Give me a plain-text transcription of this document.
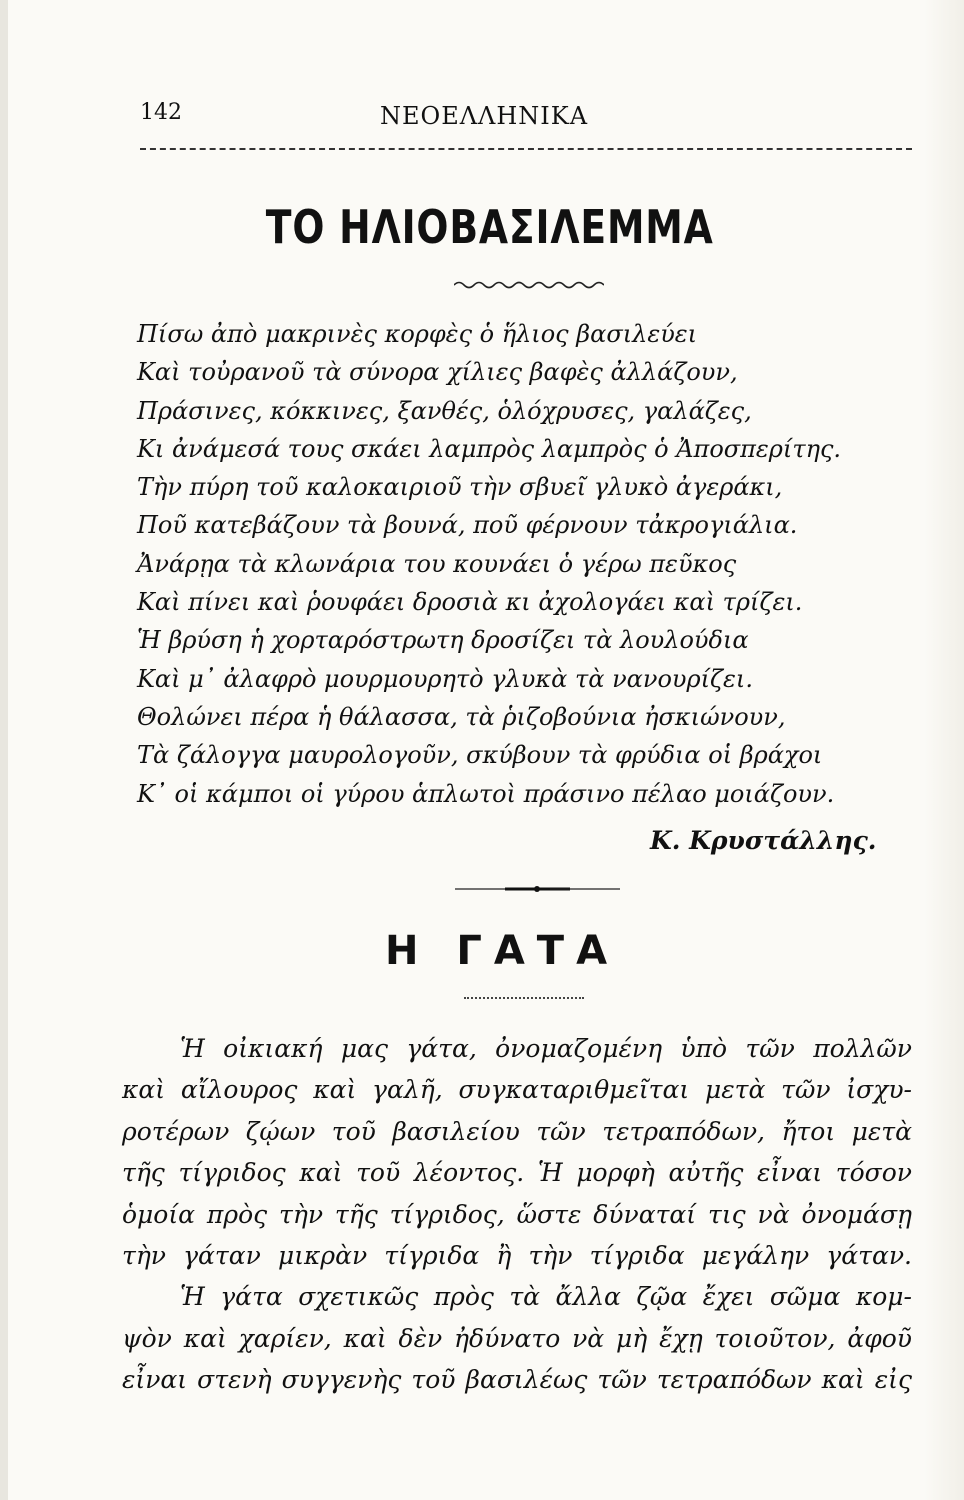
142	ΝΕΟΕΛΛΗΝΙΚΑ
ΤΟ ΗΛΙΟΒΑΣΙΛΕΜΜΑ
Πίσω ἀπὸ μακρινὲς κορφὲς ὁ ἥλιος βασιλεύει
Καὶ τοὐρανοῦ τὰ σύνορα χίλιες βαφὲς ἀλλάζουν,
Πράσινες, κόκκινες, ξανθές, ὁλόχρυσες, γαλάζες,
Κι ἀνάμεσά τους σκάει λαμπρὸς λαμπρὸς ὁ Ἀποσπερίτης.
Τὴν πύρη τοῦ καλοκαιριοῦ τὴν σβυεῖ γλυκὸ ἀγεράκι,
Ποῦ κατεβάζουν τὰ βουνά, ποῦ φέρνουν τἀκρογιάλια.
Ἀνάρῃα τὰ κλωνάρια του κουνάει ὁ γέρω πεῦκος
Καὶ πίνει καὶ ῥουφάει δροσιὰ κι ἀχολογάει καὶ τρίζει.
Ἡ βρύση ἡ χορταρόστρωτη δροσίζει τὰ λουλούδια
Καὶ μ᾽ ἀλαφρὸ μουρμουρητὸ γλυκὰ τὰ νανουρίζει.
Θολώνει πέρα ἡ θάλασσα, τὰ ῥιζοβούνια ἠσκιώνουν,
Τὰ ζάλογγα μαυρολογοῦν, σκύβουν τὰ φρύδια οἱ βράχοι
Κ᾽ οἱ κάμποι οἱ γύρου ἁπλωτοὶ πράσινο πέλαο μοιάζουν.
Κ. Κρυστάλλης.
Η ΓΑΤΑ
Ἡ οἰκιακή μας γάτα, ὀνομαζομένη ὑπὸ τῶν πολλῶν
καὶ αἴλουρος καὶ γαλῆ, συγκαταριθμεῖται μετὰ τῶν ἰσχυ-
ροτέρων ζῴων τοῦ βασιλείου τῶν τετραπόδων, ἤτοι μετὰ
τῆς τίγριδος καὶ τοῦ λέοντος. Ἡ μορφὴ αὐτῆς εἶναι τόσον
ὁμοία πρὸς τὴν τῆς τίγριδος, ὥστε δύναταί τις νὰ ὀνομάσῃ
τὴν γάταν μικρὰν τίγριδα ἢ τὴν τίγριδα μεγάλην γάταν.
Ἡ γάτα σχετικῶς πρὸς τὰ ἄλλα ζῷα ἔχει σῶμα κομ-
ψὸν καὶ χαρίεν, καὶ δὲν ἠδύνατο νὰ μὴ ἔχῃ τοιοῦτον, ἀφοῦ
εἶναι στενὴ συγγενὴς τοῦ βασιλέως τῶν τετραπόδων καὶ εἰς
